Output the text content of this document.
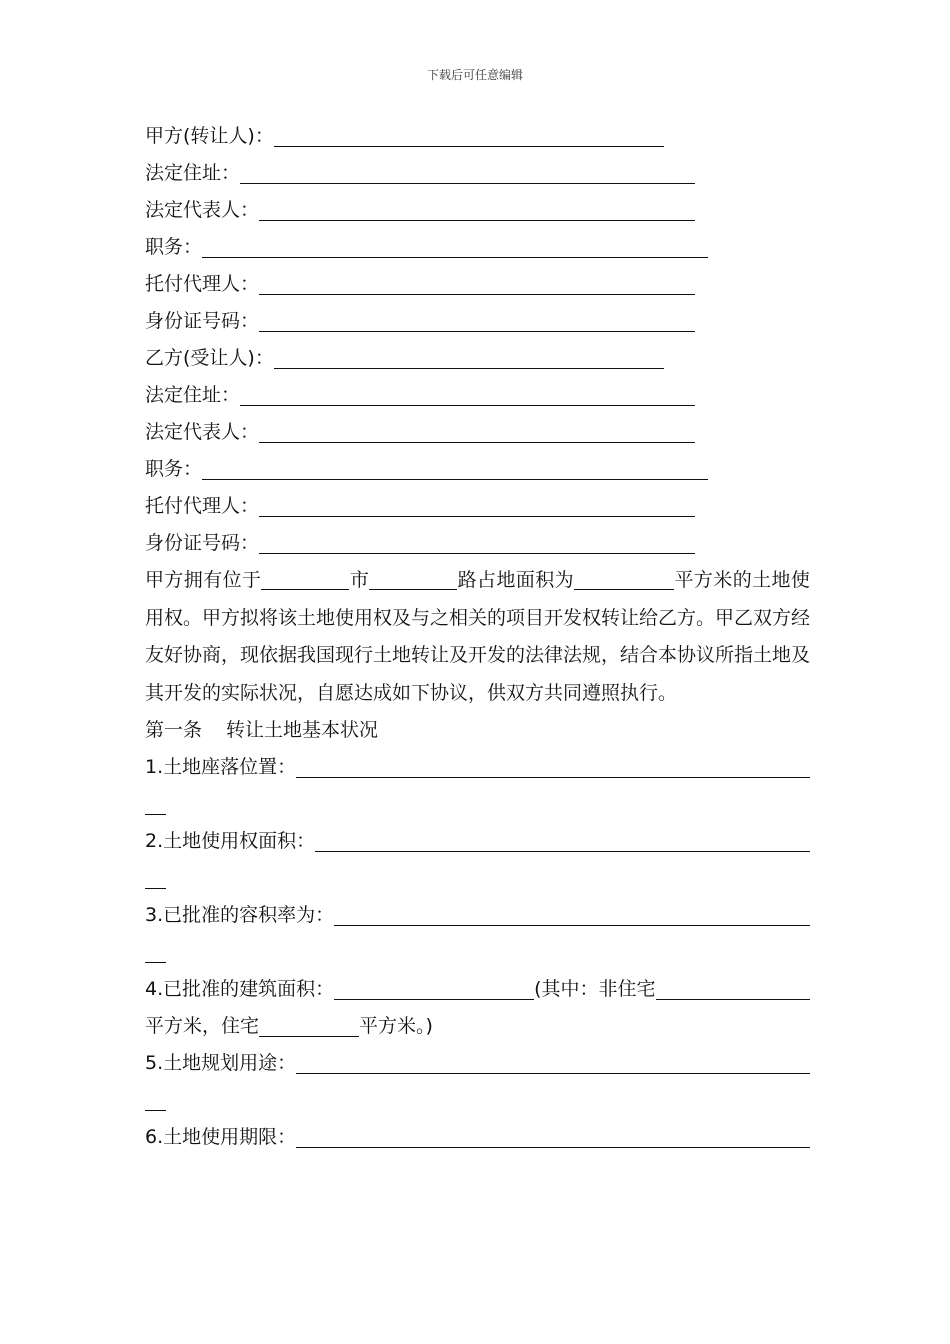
下载后可任意编辑
甲方(转让人)：
法定住址：
法定代表人：
职务：
托付代理人：
身份证号码：
乙方(受让人)：
法定住址：
法定代表人：
职务：
托付代理人：
身份证号码：
甲方拥有位于	市	路占地面积为	平方米的土地使用权。甲方拟将该土地使用权及与之相关的项目开发权转让给乙方。甲乙双方经友好协商，现依据我国现行土地转让及开发的法律法规，结合本协议所指土地及其开发的实际状况，自愿达成如下协议，供双方共同遵照执行。
第一条 转让土地基本状况
1.土地座落位置：
2.土地使用权面积：
3.已批准的容积率为：
4.已批准的建筑面积：	(其中：非住宅
平方米，住宅	平方米。)
5.土地规划用途：
6.土地使用期限：
